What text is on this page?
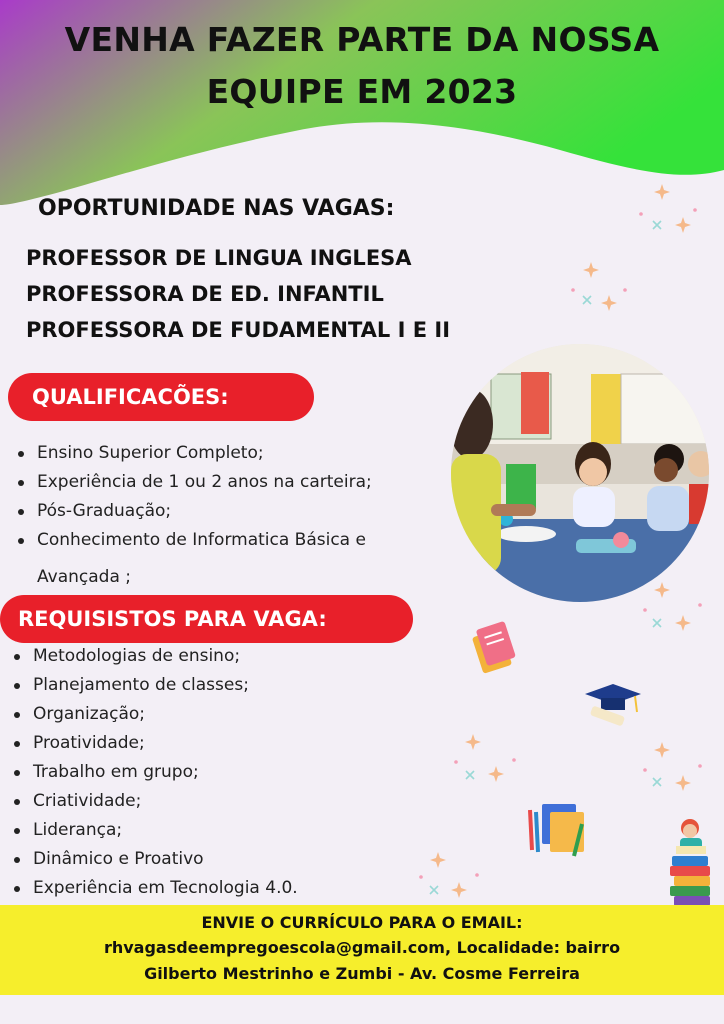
VENHA FAZER PARTE DA NOSSA
EQUIPE EM 2023
OPORTUNIDADE NAS VAGAS:
PROFESSOR DE LINGUA INGLESA
PROFESSORA DE ED. INFANTIL
PROFESSORA DE FUDAMENTAL I E II
QUALIFICACÕES:
Ensino Superior Completo;
Experiência de 1 ou 2 anos na carteira;
Pós-Graduação;
Conhecimento de Informatica Básica e
Avançada ;
REQUISISTOS PARA VAGA:
Metodologias de ensino;
Planejamento de classes;
Organização;
Proatividade;
Trabalho em grupo;
Criatividade;
Liderança;
Dinâmico e Proativo
Experiência em Tecnologia 4.0.
ENVIE O CURRÍCULO PARA O EMAIL:
rhvagasdeempregoescola@gmail.com, Localidade: bairro
Gilberto Mestrinho e Zumbi - Av. Cosme Ferreira
